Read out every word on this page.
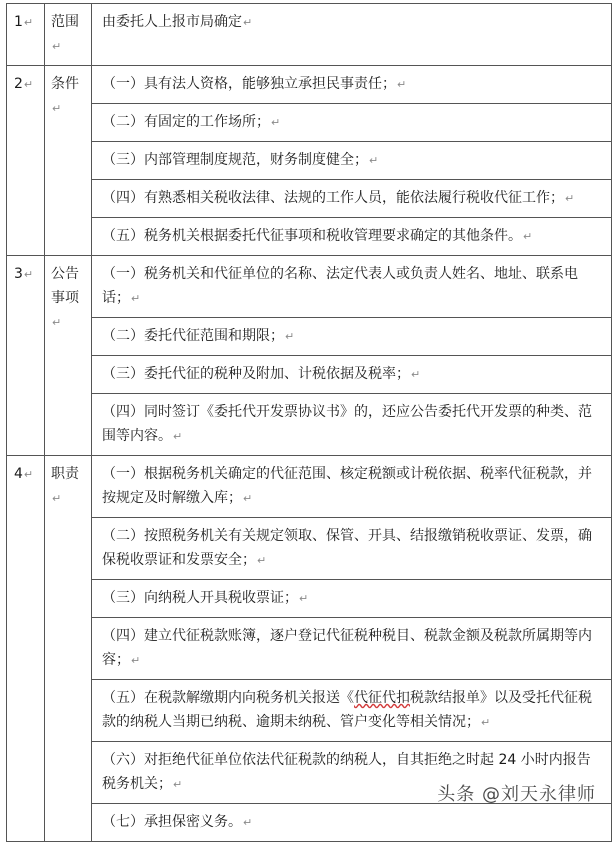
1↵	范围↵	由委托人上报市局确定↵
2↵	条件↵	（一）具有法人资格，能够独立承担民事责任；↵
		（二）有固定的工作场所；↵
		（三）内部管理制度规范，财务制度健全；↵
		（四）有熟悉相关税收法律、法规的工作人员，能依法履行税收代征工作；↵
		（五）税务机关根据委托代征事项和税收管理要求确定的其他条件。↵
3↵	公告事项↵	（一）税务机关和代征单位的名称、法定代表人或负责人姓名、地址、联系电话；↵
		（二）委托代征范围和期限；↵
		（三）委托代征的税种及附加、计税依据及税率；↵
		（四）同时签订《委托代开发票协议书》的，还应公告委托代开发票的种类、范围等内容。↵
4↵	职责↵	（一）根据税务机关确定的代征范围、核定税额或计税依据、税率代征税款，并按规定及时解缴入库；↵
		（二）按照税务机关有关规定领取、保管、开具、结报缴销税收票证、发票，确保税收票证和发票安全；↵
		（三）向纳税人开具税收票证；↵
		（四）建立代征税款账簿，逐户登记代征税种税目、税款金额及税款所属期等内容；↵
		（五）在税款解缴期内向税务机关报送《代征代扣税款结报单》以及受托代征税款的纳税人当期已纳税、逾期未纳税、管户变化等相关情况；↵
		（六）对拒绝代征单位依法代征税款的纳税人，自其拒绝之时起 24 小时内报告税务机关；↵
		（七）承担保密义务。↵
头条 @刘天永律师
